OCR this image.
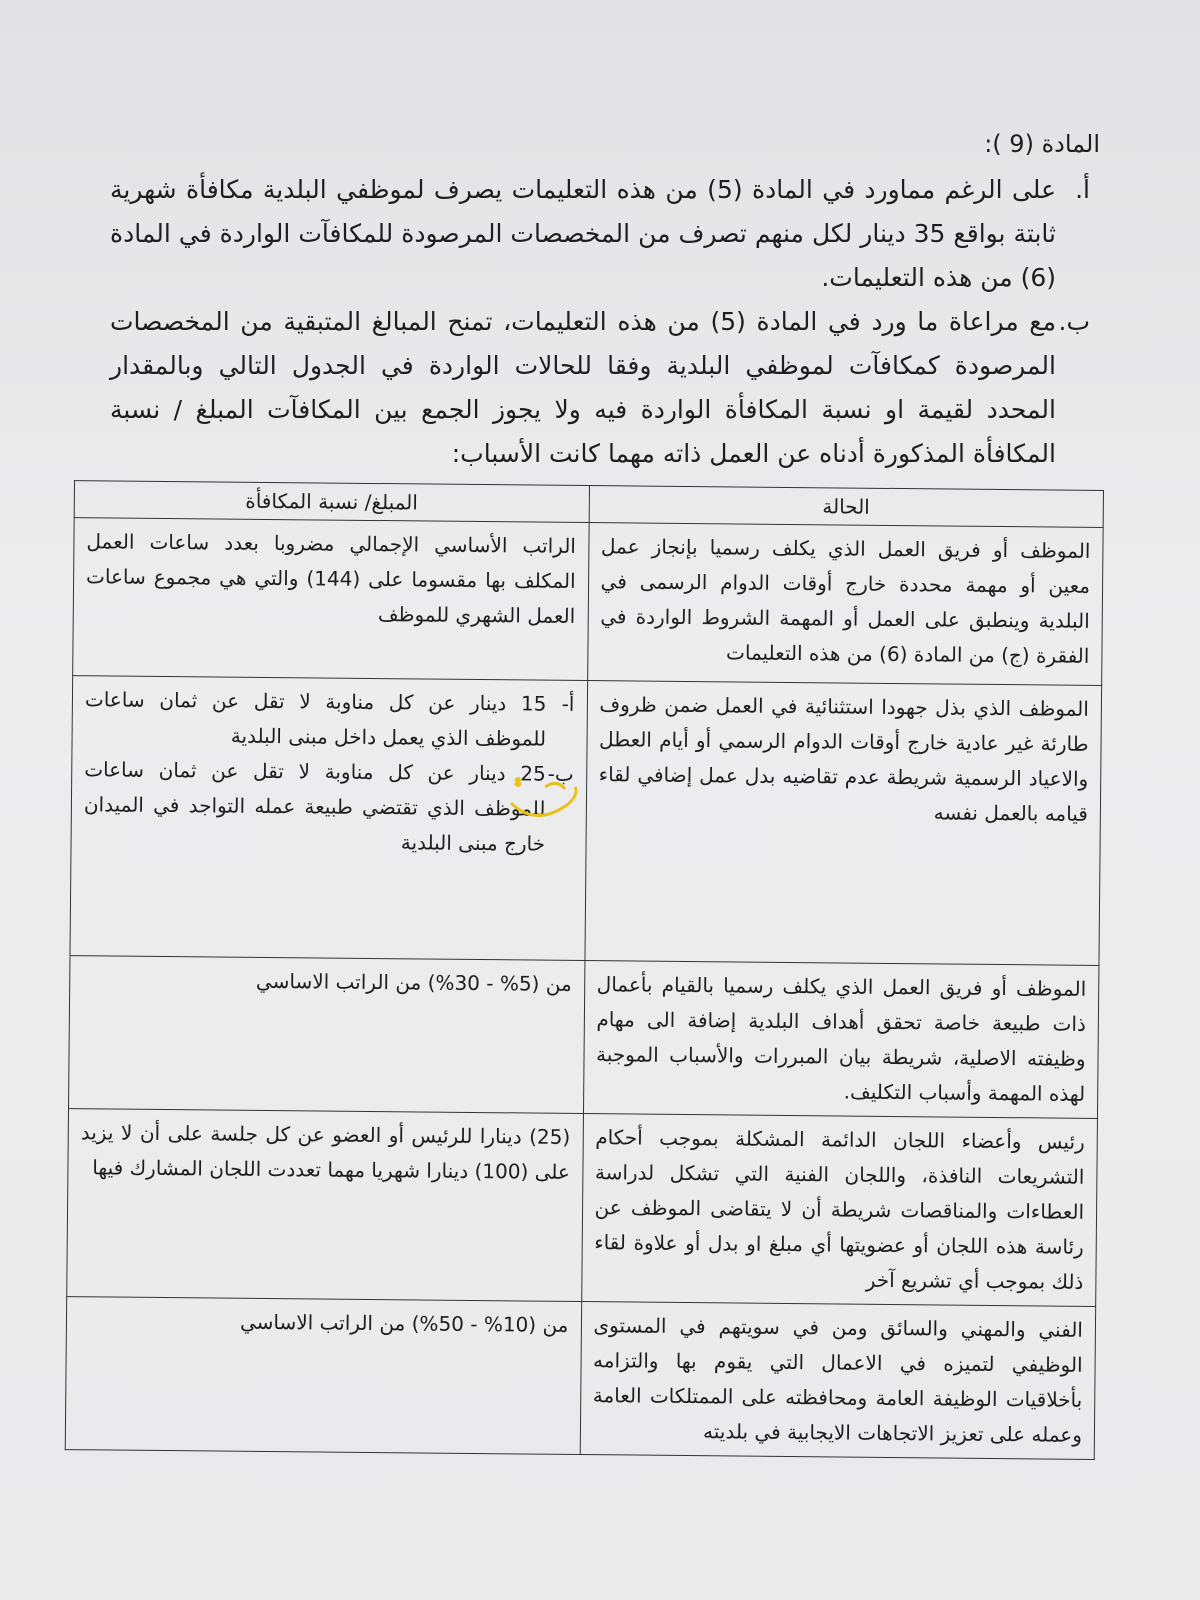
المادة (9 ):
أ.
على الرغم مماورد في المادة (5) من هذه التعليمات يصرف لموظفي البلدية مكافأة شهرية ثابتة بواقع 35 دينار لكل منهم تصرف من المخصصات المرصودة للمكافآت الواردة في المادة (6) من هذه التعليمات.
ب.
مع مراعاة ما ورد في المادة (5) من هذه التعليمات، تمنح المبالغ المتبقية من المخصصات المرصودة كمكافآت لموظفي البلدية وفقا للحالات الواردة في الجدول التالي وبالمقدار المحدد لقيمة او نسبة المكافأة الواردة فيه ولا يجوز الجمع بين المكافآت المبلغ / نسبة المكافأة المذكورة أدناه عن العمل ذاته مهما كانت الأسباب:
الحالة	المبلغ/ نسبة المكافأة
الموظف أو فريق العمل الذي يكلف رسميا بإنجاز عمل معين أو مهمة محددة خارج أوقات الدوام الرسمى في البلدية وينطبق على العمل أو المهمة الشروط الواردة في الفقرة (ج) من المادة (6) من هذه التعليمات	الراتب الأساسي الإجمالي مضروبا بعدد ساعات العمل المكلف بها مقسوما على (144) والتي هي مجموع ساعات العمل الشهري للموظف
الموظف الذي بذل جهودا استثنائية في العمل ضمن ظروف طارئة غير عادية خارج أوقات الدوام الرسمي أو أيام العطل والاعياد الرسمية شريطة عدم تقاضيه بدل عمل إضافي لقاء قيامه بالعمل نفسه	أ-
15 دينار عن كل مناوبة لا تقل عن ثمان ساعات للموظف الذي يعمل داخل مبنى البلدية
ب-
25 دينار عن كل مناوبة لا تقل عن ثمان ساعات للموظف الذي تقتضي طبيعة عمله التواجد في الميدان خارج مبنى البلدية

الموظف أو فريق العمل الذي يكلف رسميا بالقيام بأعمال ذات طبيعة خاصة تحقق أهداف البلدية إضافة الى مهام وظيفته الاصلية، شريطة بيان المبررات والأسباب الموجبة لهذه المهمة وأسباب التكليف.	من (5% - 30%) من الراتب الاساسي
رئيس وأعضاء اللجان الدائمة المشكلة بموجب أحكام التشريعات النافذة، واللجان الفنية التي تشكل لدراسة العطاءات والمناقصات شريطة أن لا يتقاضى الموظف عن رئاسة هذه اللجان أو عضويتها أي مبلغ او بدل أو علاوة لقاء ذلك بموجب أي تشريع آخر	(25) دينارا للرئيس أو العضو عن كل جلسة على أن لا يزيد على (100) دينارا شهريا مهما تعددت اللجان المشارك فيها
الفني والمهني والسائق ومن في سويتهم في المستوى الوظيفي لتميزه في الاعمال التي يقوم بها والتزامه بأخلاقيات الوظيفة العامة ومحافظته على الممتلكات العامة وعمله على تعزيز الاتجاهات الايجابية في بلديته	من (10% - 50%) من الراتب الاساسي
